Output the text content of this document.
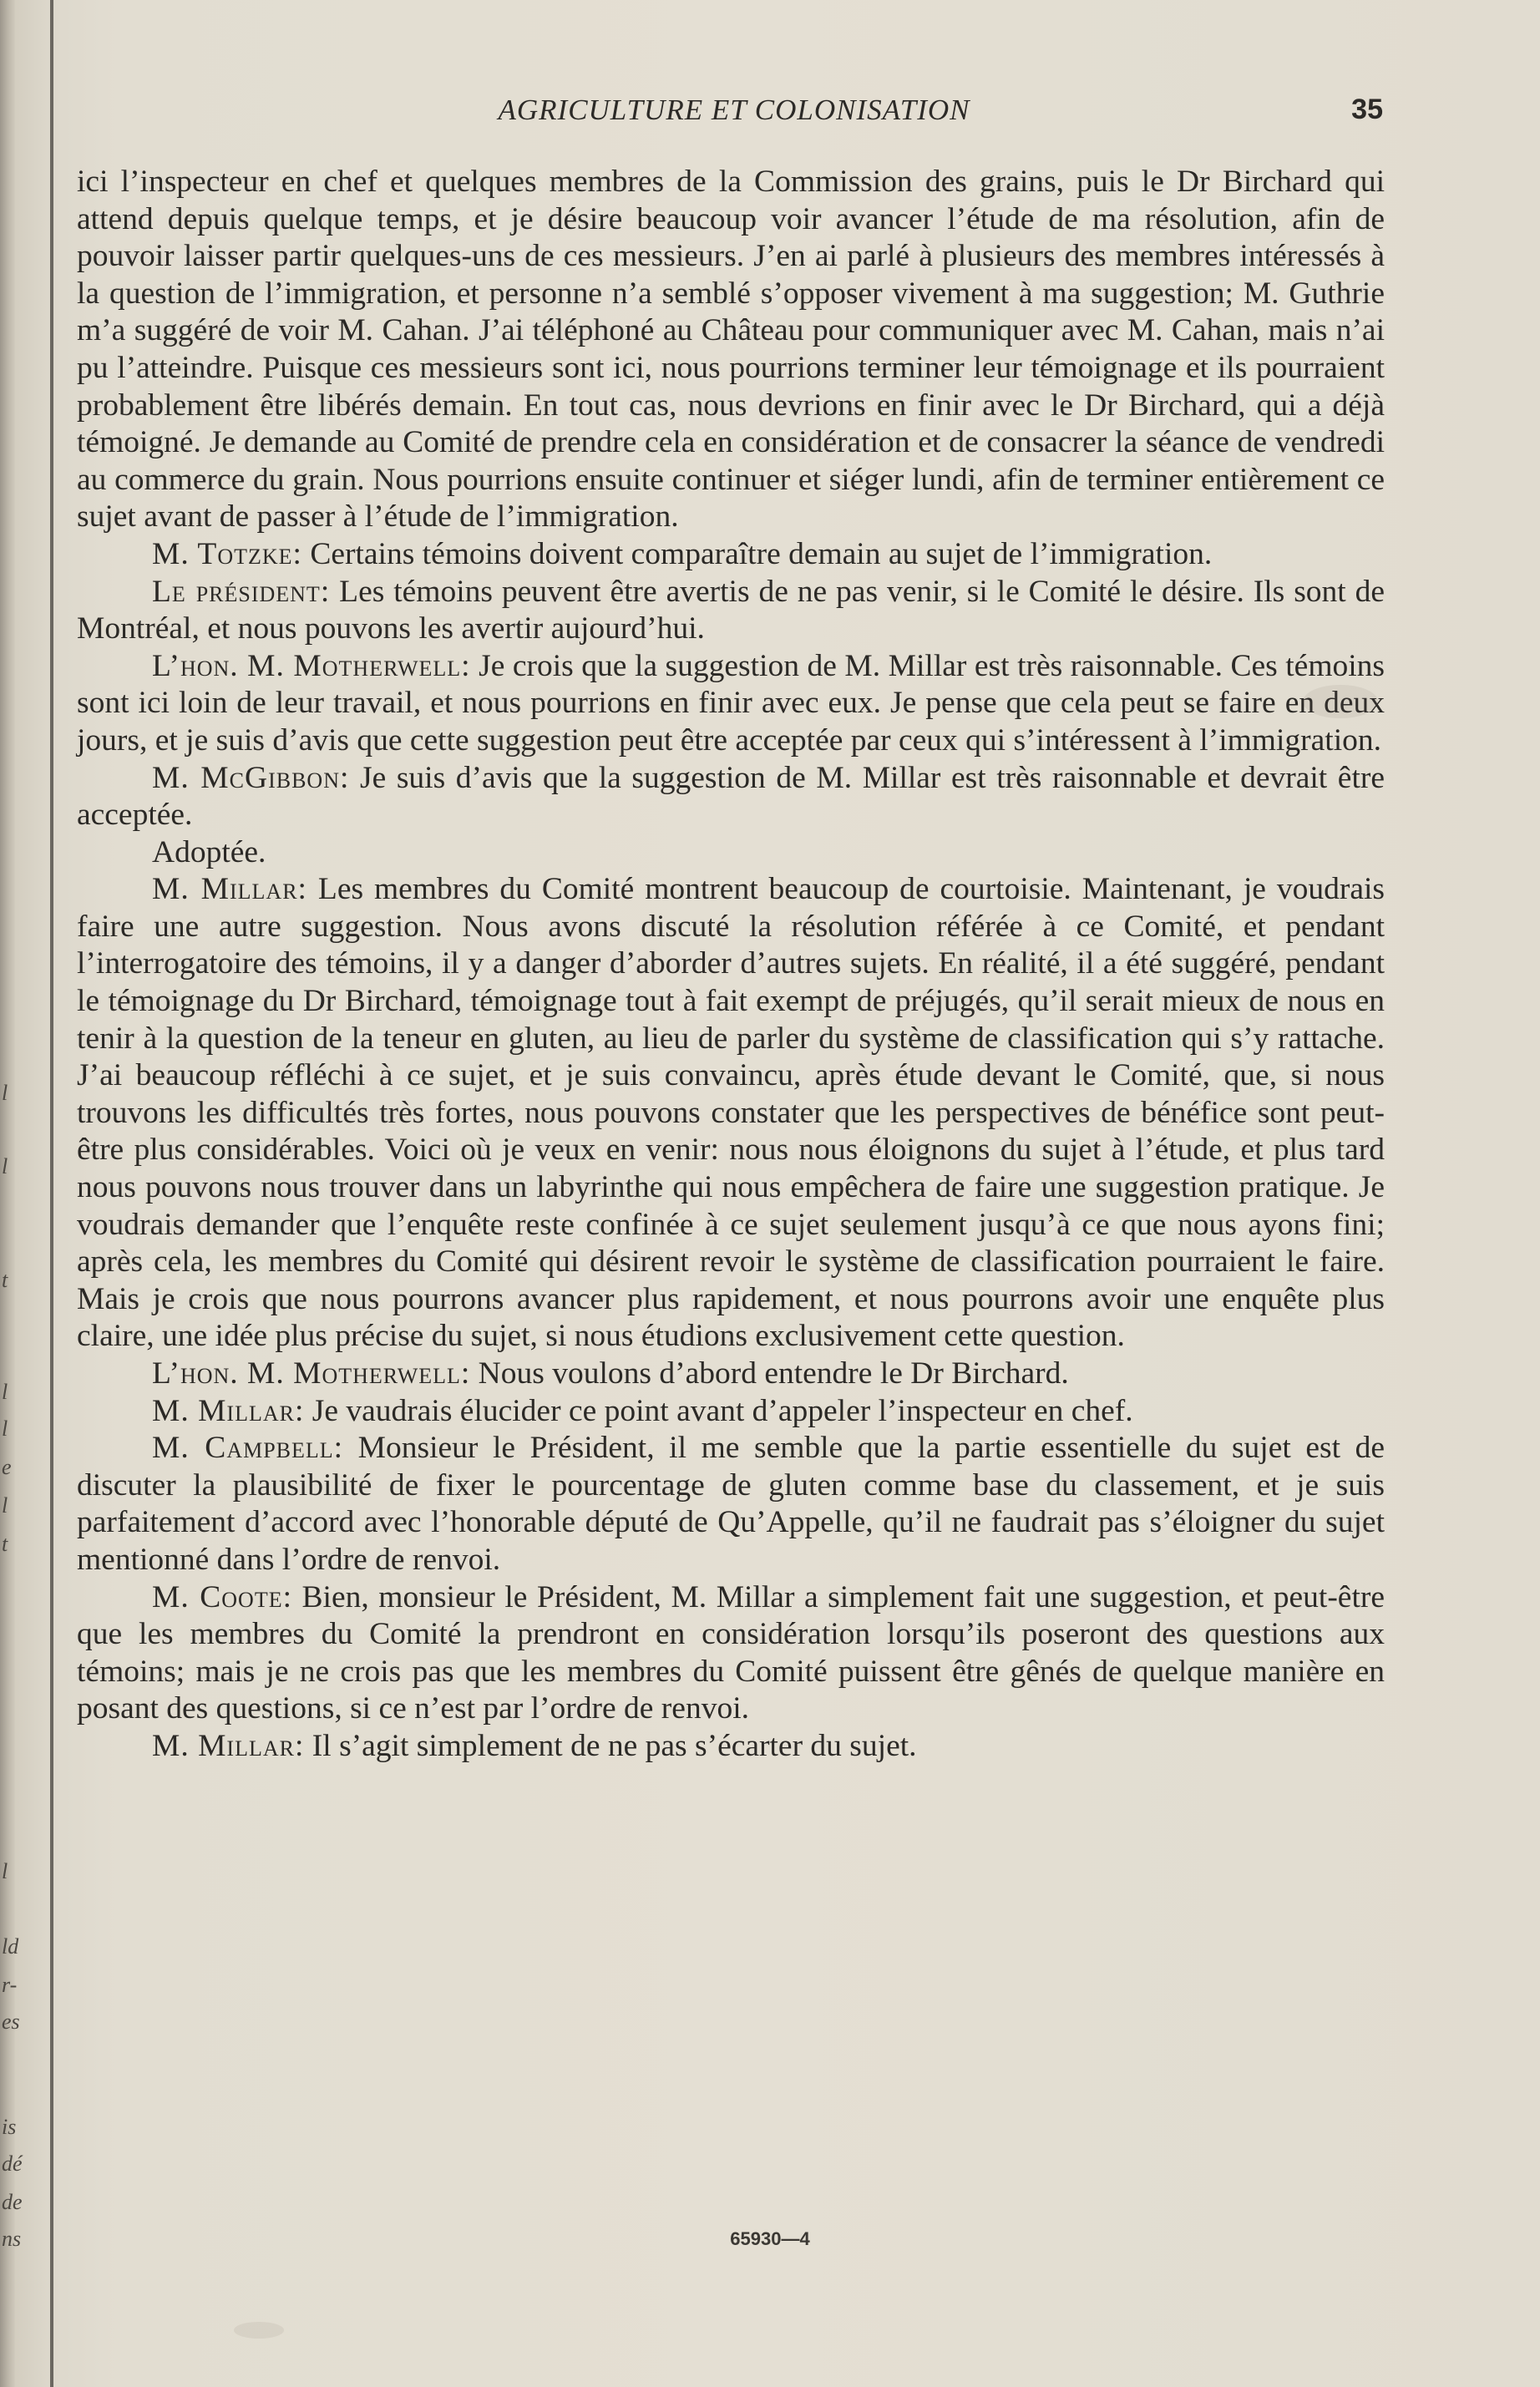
l
l
t
l
l
e
l
t
l
ld
r-
es
is
dé
de
ns
AGRICULTURE ET COLONISATION	35

ici l’inspecteur en chef et quelques membres de la Commission des grains, puis le Dr Birchard qui attend depuis quelque temps, et je désire beaucoup voir avancer l’étude de ma résolution, afin de pouvoir laisser partir quelques-uns de ces messieurs. J’en ai parlé à plusieurs des membres intéressés à la question de l’immigration, et personne n’a semblé s’opposer vivement à ma suggestion; M. Guthrie m’a suggéré de voir M. Cahan. J’ai téléphoné au Château pour communiquer avec M. Cahan, mais n’ai pu l’atteindre. Puisque ces messieurs sont ici, nous pourrions terminer leur témoignage et ils pourraient probablement être libérés demain. En tout cas, nous devrions en finir avec le Dr Birchard, qui a déjà témoigné. Je demande au Comité de prendre cela en considération et de consacrer la séance de vendredi au commerce du grain. Nous pourrions ensuite continuer et siéger lundi, afin de terminer entièrement ce sujet avant de passer à l’étude de l’immigration.

M. Totzke: Certains témoins doivent comparaître demain au sujet de l’immigration.

Le président: Les témoins peuvent être avertis de ne pas venir, si le Comité le désire. Ils sont de Montréal, et nous pouvons les avertir aujourd’hui.

L’hon. M. Motherwell: Je crois que la suggestion de M. Millar est très raisonnable. Ces témoins sont ici loin de leur travail, et nous pourrions en finir avec eux. Je pense que cela peut se faire en deux jours, et je suis d’avis que cette suggestion peut être acceptée par ceux qui s’intéressent à l’immigration.

M. McGibbon: Je suis d’avis que la suggestion de M. Millar est très raisonnable et devrait être acceptée.

Adoptée.

M. Millar: Les membres du Comité montrent beaucoup de courtoisie. Maintenant, je voudrais faire une autre suggestion. Nous avons discuté la résolution référée à ce Comité, et pendant l’interrogatoire des témoins, il y a danger d’aborder d’autres sujets. En réalité, il a été suggéré, pendant le témoignage du Dr Birchard, témoignage tout à fait exempt de préjugés, qu’il serait mieux de nous en tenir à la question de la teneur en gluten, au lieu de parler du système de classification qui s’y rattache. J’ai beaucoup réfléchi à ce sujet, et je suis convaincu, après étude devant le Comité, que, si nous trouvons les difficultés très fortes, nous pouvons constater que les perspectives de bénéfice sont peut-être plus considérables. Voici où je veux en venir: nous nous éloignons du sujet à l’étude, et plus tard nous pouvons nous trouver dans un labyrinthe qui nous empêchera de faire une suggestion pratique. Je voudrais demander que l’enquête reste confinée à ce sujet seulement jusqu’à ce que nous ayons fini; après cela, les membres du Comité qui désirent revoir le système de classification pourraient le faire. Mais je crois que nous pourrons avancer plus rapidement, et nous pourrons avoir une enquête plus claire, une idée plus précise du sujet, si nous étudions exclusivement cette question.

L’hon. M. Motherwell: Nous voulons d’abord entendre le Dr Birchard.

M. Millar: Je vaudrais élucider ce point avant d’appeler l’inspecteur en chef.

M. Campbell: Monsieur le Président, il me semble que la partie essentielle du sujet est de discuter la plausibilité de fixer le pourcentage de gluten comme base du classement, et je suis parfaitement d’accord avec l’honorable député de Qu’Appelle, qu’il ne faudrait pas s’éloigner du sujet mentionné dans l’ordre de renvoi.

M. Coote: Bien, monsieur le Président, M. Millar a simplement fait une suggestion, et peut-être que les membres du Comité la prendront en considération lorsqu’ils poseront des questions aux témoins; mais je ne crois pas que les membres du Comité puissent être gênés de quelque manière en posant des questions, si ce n’est par l’ordre de renvoi.

M. Millar: Il s’agit simplement de ne pas s’écarter du sujet.

65930—4
